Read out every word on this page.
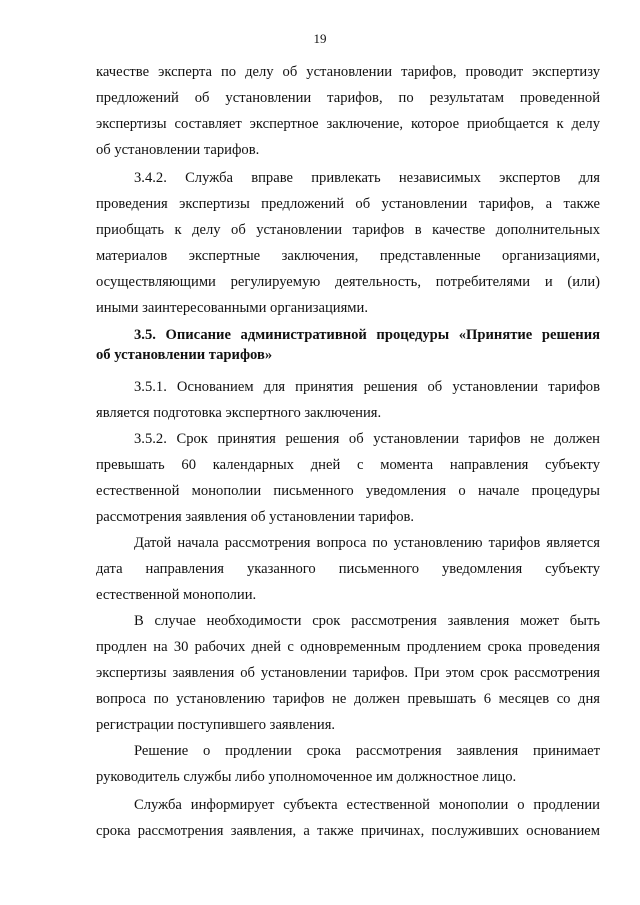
19
качестве эксперта по делу об установлении тарифов, проводит экспертизу
предложений об установлении тарифов, по результатам проведенной
экспертизы составляет экспертное заключение, которое приобщается к делу
об установлении тарифов.
3.4.2. Служба вправе привлекать независимых экспертов для
проведения экспертизы предложений об установлении тарифов, а также
приобщать к делу об установлении тарифов в качестве дополнительных
материалов экспертные заключения, представленные организациями,
осуществляющими регулируемую деятельность, потребителями и (или)
иными заинтересованными организациями.
3.5. Описание административной процедуры «Принятие решения
об установлении тарифов»
3.5.1. Основанием для принятия решения об установлении тарифов
является подготовка экспертного заключения.
3.5.2. Срок принятия решения об установлении тарифов не должен
превышать 60 календарных дней с момента направления субъекту
естественной монополии письменного уведомления о начале процедуры
рассмотрения заявления об установлении тарифов.
Датой начала рассмотрения вопроса по установлению тарифов является
дата направления указанного письменного уведомления субъекту
естественной монополии.
В случае необходимости срок рассмотрения заявления может быть
продлен на 30 рабочих дней с одновременным продлением срока проведения
экспертизы заявления об установлении тарифов. При этом срок рассмотрения
вопроса по установлению тарифов не должен превышать 6 месяцев со дня
регистрации поступившего заявления.
Решение о продлении срока рассмотрения заявления принимает
руководитель службы либо уполномоченное им должностное лицо.
Служба информирует субъекта естественной монополии о продлении
срока рассмотрения заявления, а также причинах, послуживших основанием
